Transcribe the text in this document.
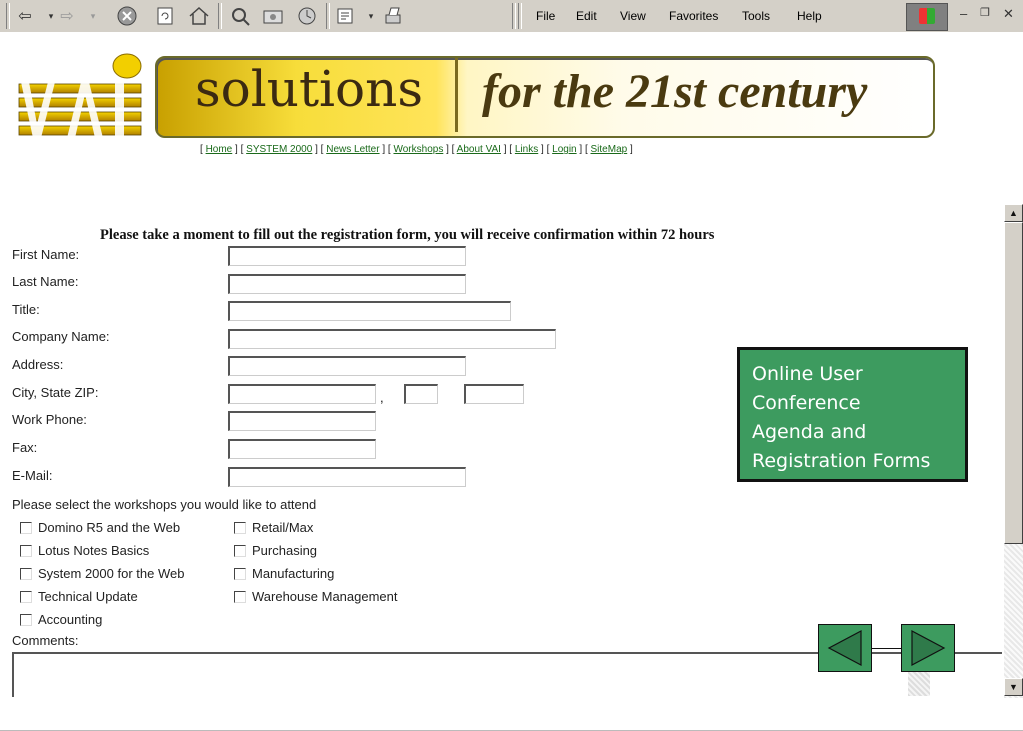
⇦	▾ ⇨	▾	▾	File Edit View Favorites Tools Help	– ❐ ✕
solutions for the 21st century
[ Home ] [ SYSTEM 2000 ] [ News Letter ] [ Workshops ] [ About VAI ] [ Links ] [ Login ] [ SiteMap ]
Please take a moment to fill out the registration form, you will receive confirmation within 72 hours
First Name:
Last Name:
Title:
Company Name:
Address:
City, State ZIP:	,
Work Phone:
Fax:
E-Mail:
Please select the workshops you would like to attend
Domino R5 and the Web
Lotus Notes Basics
System 2000 for the Web
Technical Update
Accounting
Retail/Max
Purchasing
Manufacturing
Warehouse Management
Comments:
Online User
Conference
Agenda and
Registration Forms
▲
▼
